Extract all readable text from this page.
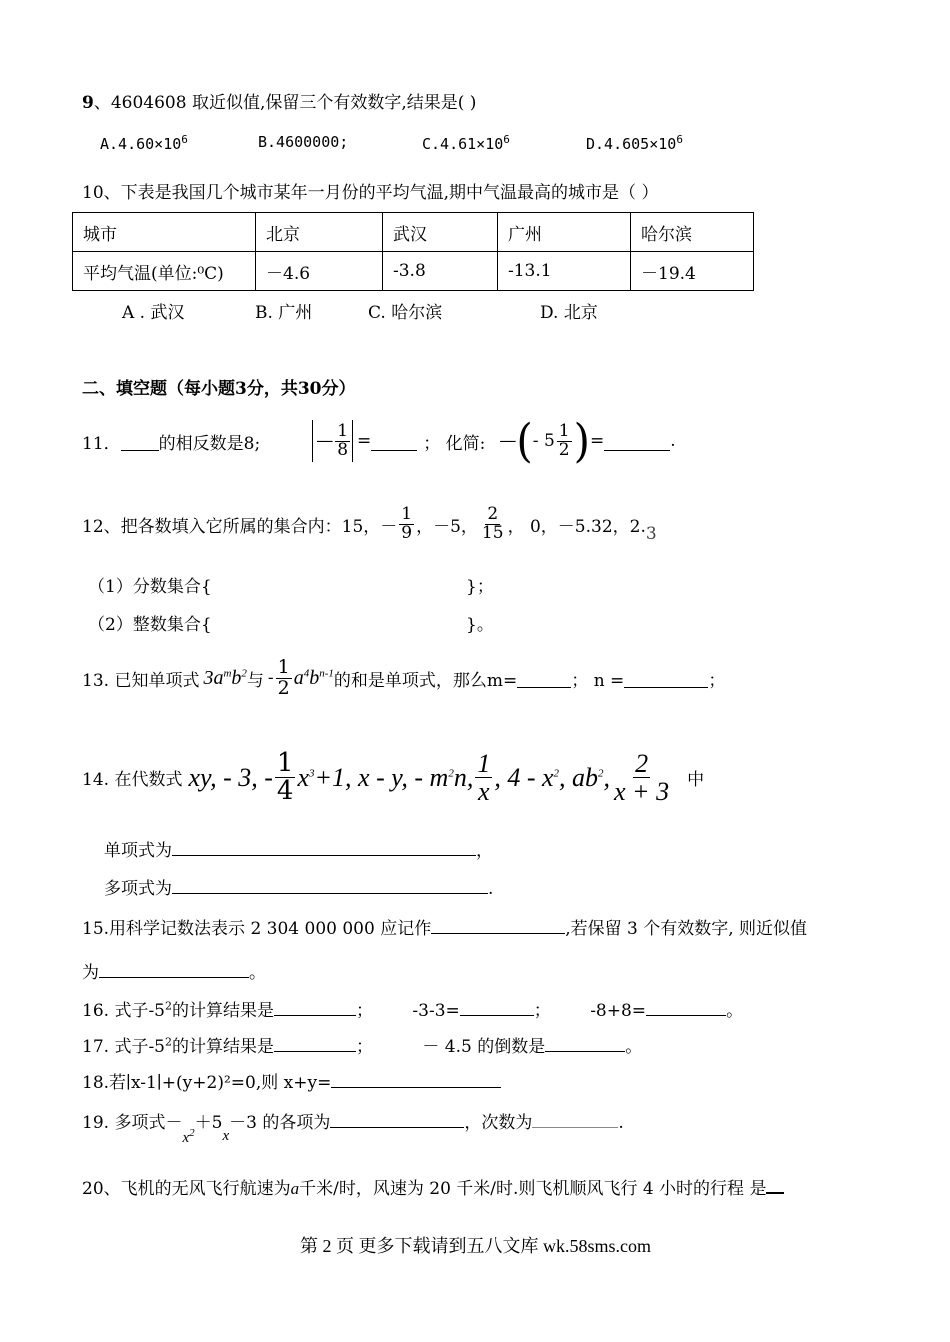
9、4604608 取近似值,保留三个有效数字,结果是( )
$A.4.60\times 10^6$	B.4600000;	$C.4.61\times 10^6$	$D.4.605\times 10^6$
10、下表是我国几个城市某年一月份的平均气温,期中气温最高的城市是（ ）
城市	北京	武汉	广州	哈尔滨
平均气温(单位:⁰C)	－4.6	-3.8	-13.1	－19.4
A . 武汉	B. 广州	C. 哈尔滨	D. 北京
二、填空题（每小题3分，共30分）
11． 的相反数是8;	— $\frac{1}{8}$ =	； 化简: — ( - $5 \frac{1}{2}$ ) =	.
12、把各数填入它所属的集合内：15， － $\frac{1}{9}$ ，－5， $\frac{2}{15}$ ， 0，－5.32，2. 3
（1）分数集合{	}；
（2）整数集合{	}。
13. 已知单项式 $3a^mb^2$ 与 - $\frac{1}{2} a^4b^{n-1}$ 的和是单项式，那么m=	； n =	；
14. 在代数式 xy, - 3, - $\frac{1}{4} x^3+1$, x - y, - $m^2n$, $\frac{1}{x}$ , $4 - x^2$, $ab^2$, $\frac{2}{x + 3}$ 中
单项式为	，
多项式为	.
15.用科学记数法表示 2 304 000 000 应记作	,若保留 3 个有效数字, 则近似值
为	。
16. 式子$-5^2$的计算结果是	； -3-3=	； -8+8=	。
17. 式子$-5^2$的计算结果是	；	－ 4.5 的倒数是	。
18.若∣x-1∣+(y+2)²=0,则 x+y=
19. 多项式$-x^2+5x-3$ 的各项为	，次数为	.
20、飞机的无风飞行航速为a千米/时，风速为 20 千米/时.则飞机顺风飞行 4 小时的行程 是
第 2 页 更多下载请到五八文库 wk.58sms.com
